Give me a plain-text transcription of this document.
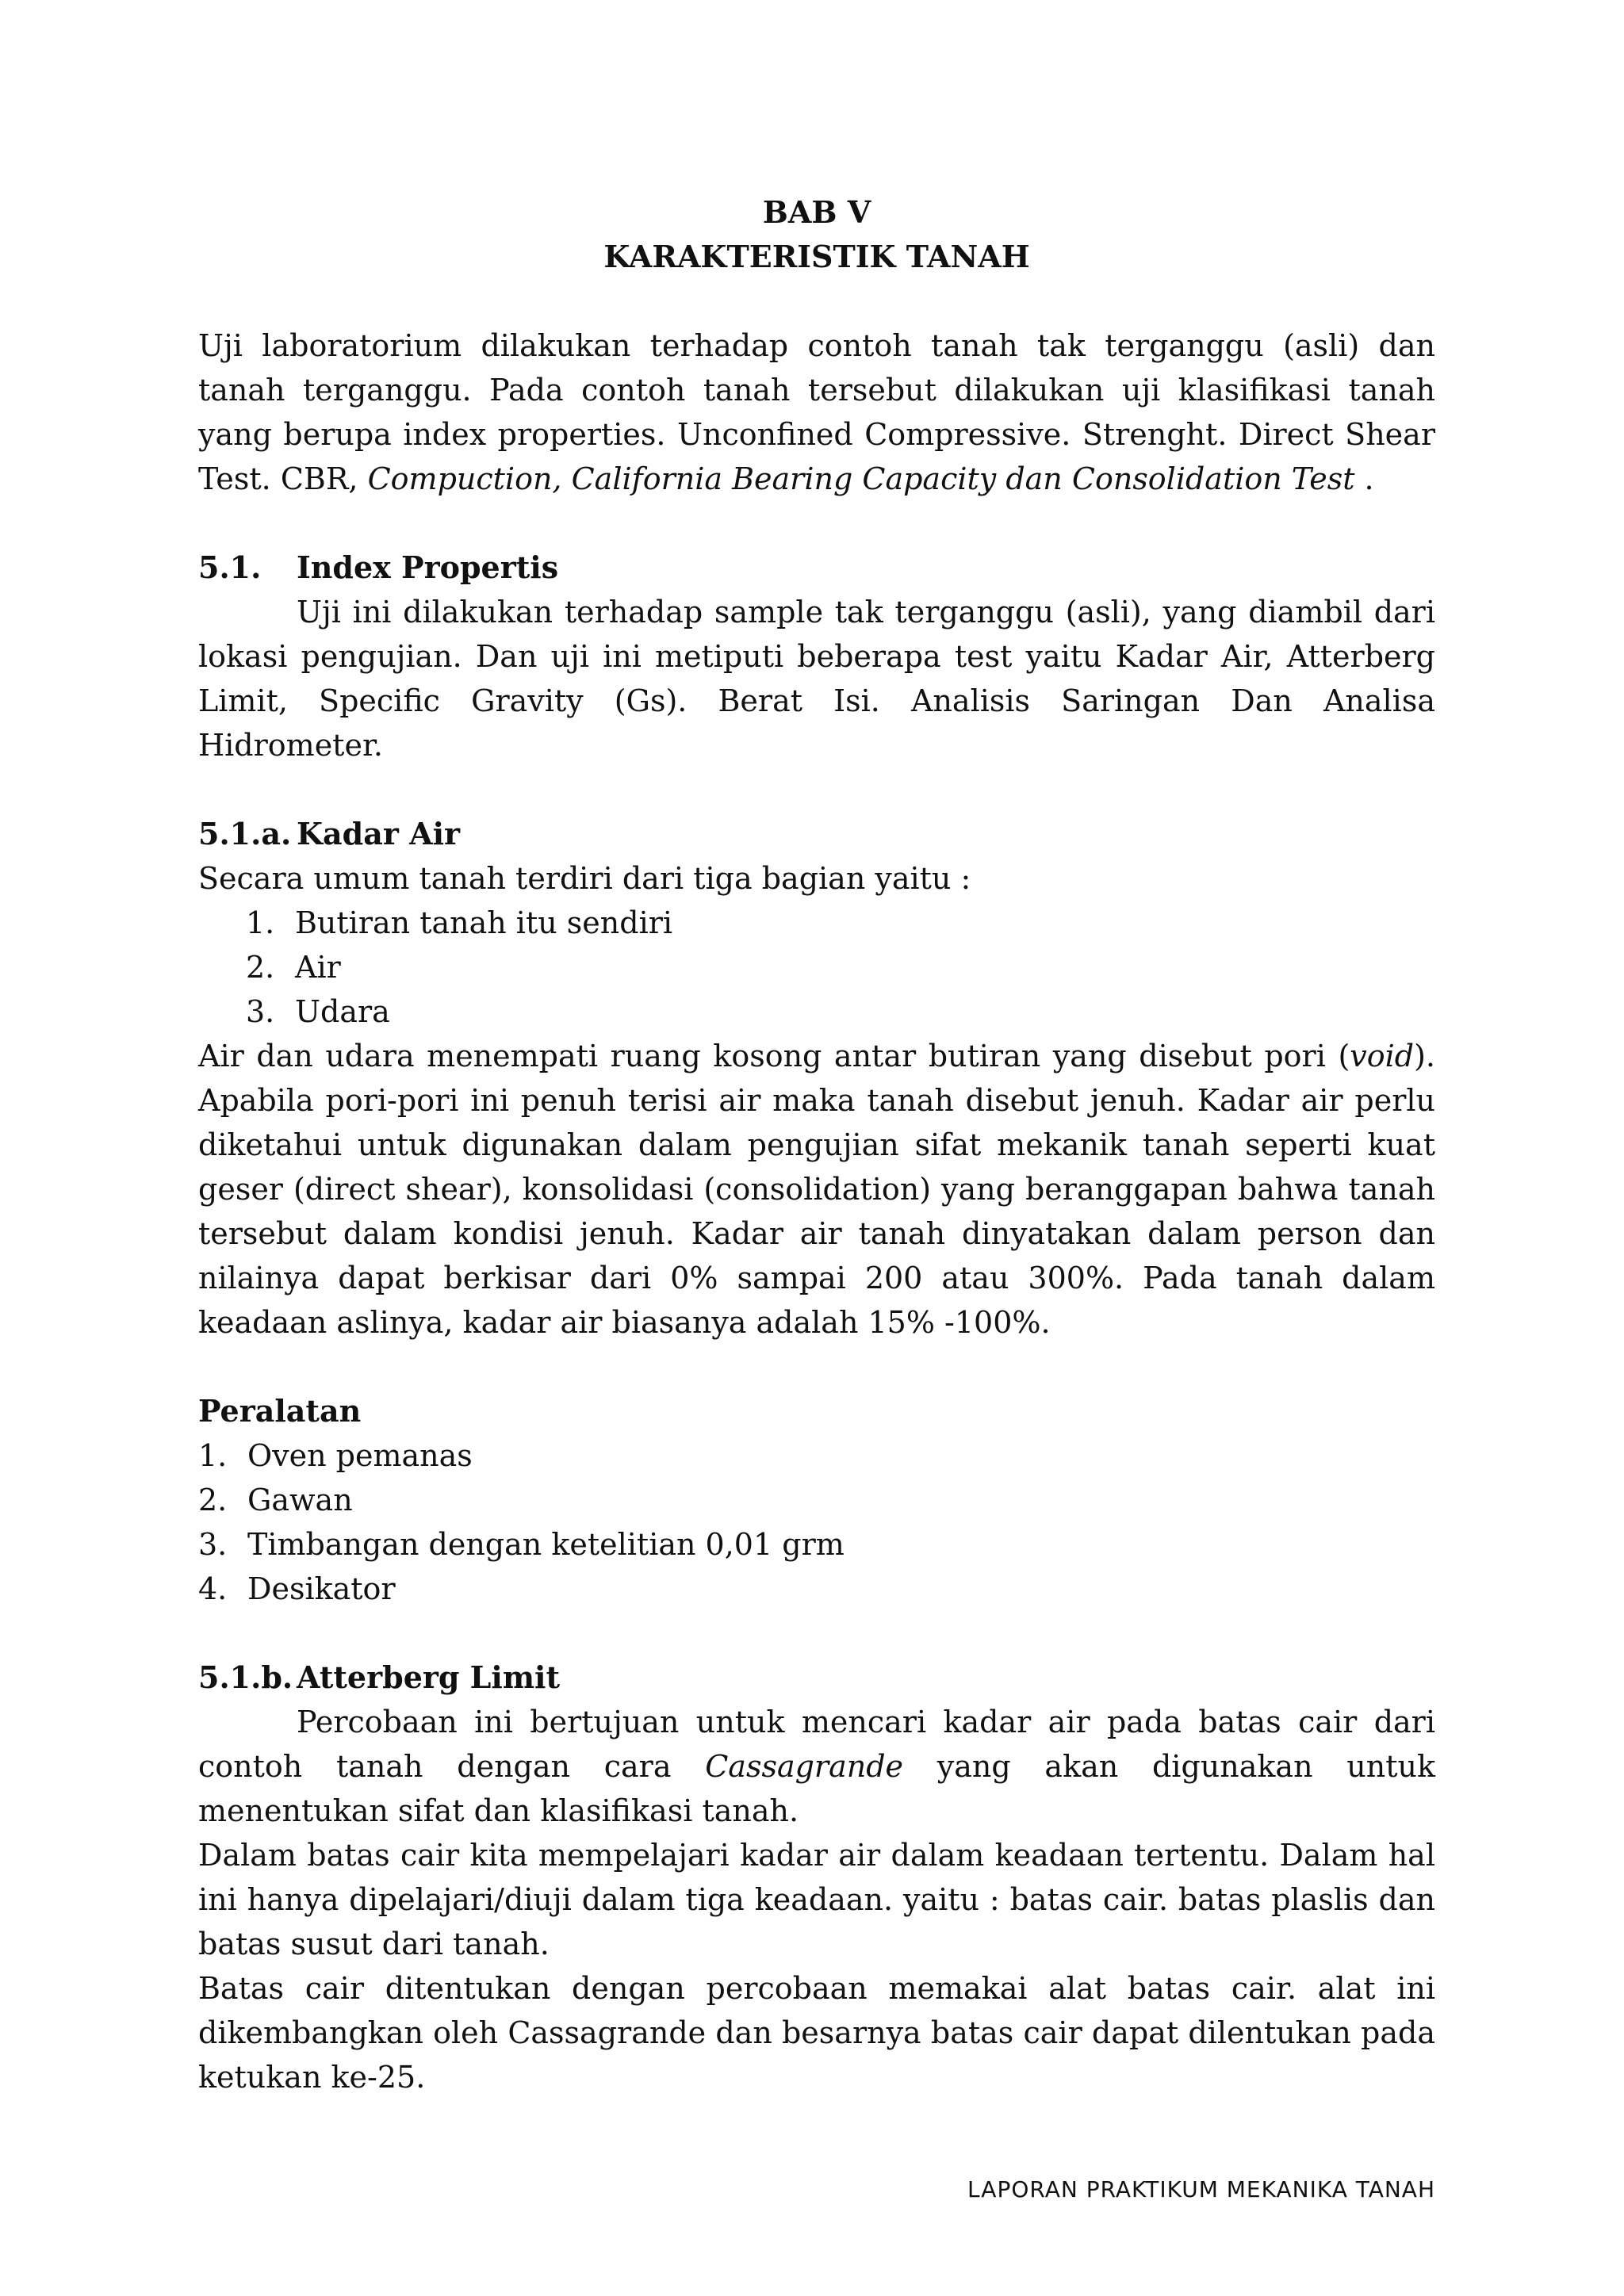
BAB V
KARAKTERISTIK TANAH

Uji laboratorium dilakukan terhadap contoh tanah tak terganggu (asli) dan tanah terganggu. Pada contoh tanah tersebut dilakukan uji klasifikasi tanah yang berupa index properties. Unconfined Compressive. Strenght. Direct Shear Test. CBR, Compuction, California Bearing Capacity dan Consolidation Test .

5.1.	Index Propertis

Uji ini dilakukan terhadap sample tak terganggu (asli), yang diambil dari lokasi pengujian. Dan uji ini metiputi beberapa test yaitu Kadar Air, Atterberg Limit, Specific Gravity (Gs). Berat Isi. Analisis Saringan Dan Analisa Hidrometer.

5.1.a. Kadar Air

Secara umum tanah terdiri dari tiga bagian yaitu :

1. Butiran tanah itu sendiri
2. Air
3. Udara

Air dan udara menempati ruang kosong antar butiran yang disebut pori (void). Apabila pori-pori ini penuh terisi air maka tanah disebut jenuh. Kadar air perlu diketahui untuk digunakan dalam pengujian sifat mekanik tanah seperti kuat geser (direct shear), konsolidasi (consolidation) yang beranggapan bahwa tanah tersebut dalam kondisi jenuh. Kadar air tanah dinyatakan dalam person dan nilainya dapat berkisar dari 0% sampai 200 atau 300%. Pada tanah dalam keadaan aslinya, kadar air biasanya adalah 15% -100%.

Peralatan
1. Oven pemanas
2. Gawan
3. Timbangan dengan ketelitian 0,01 grm
4. Desikator
5.1.b. Atterberg Limit

Percobaan ini bertujuan untuk mencari kadar air pada batas cair dari contoh tanah dengan cara Cassagrande yang akan digunakan untuk menentukan sifat dan klasifikasi tanah.

Dalam batas cair kita mempelajari kadar air dalam keadaan tertentu. Dalam hal ini hanya dipelajari/diuji dalam tiga keadaan. yaitu : batas cair. batas plaslis dan batas susut dari tanah.

Batas cair ditentukan dengan percobaan memakai alat batas cair. alat ini dikembangkan oleh Cassagrande dan besarnya batas cair dapat dilentukan pada ketukan ke-25.

LAPORAN PRAKTIKUM MEKANIKA TANAH
